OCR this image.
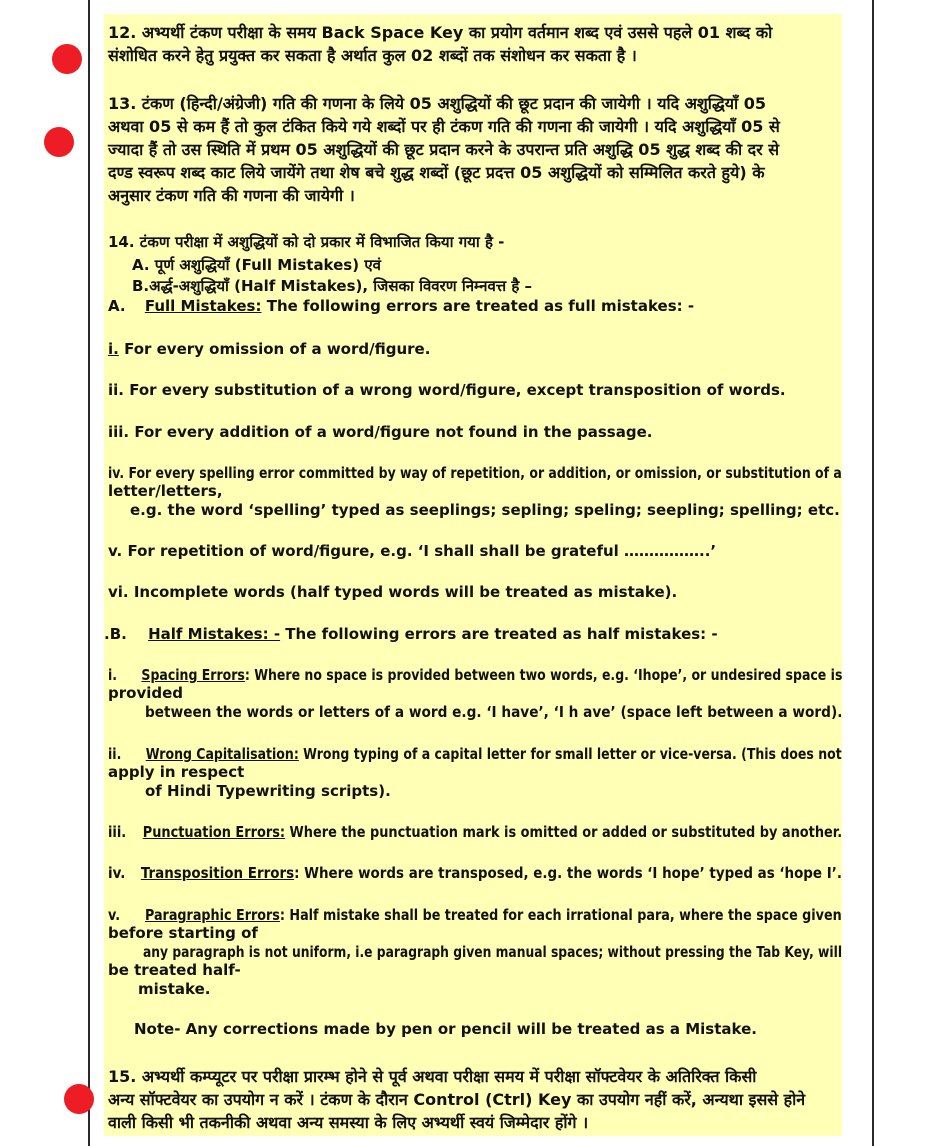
12. अभ्यर्थी टंकण परीक्षा के समय Back Space Key का प्रयोग वर्तमान शब्द एवं उससे पहले 01 शब्द को
संशोधित करने हेतु प्रयुक्त कर सकता है अर्थात कुल 02 शब्दों तक संशोधन कर सकता है ।
13. टंकण (हिन्दी/अंग्रेजी) गति की गणना के लिये 05 अशुद्धियों की छूट प्रदान की जायेगी । यदि अशुद्धियाँ 05
अथवा 05 से कम हैं तो कुल टंकित किये गये शब्दों पर ही टंकण गति की गणना की जायेगी । यदि अशुद्धियाँ 05 से
ज्यादा हैं तो उस स्थिति में प्रथम 05 अशुद्धियों की छूट प्रदान करने के उपरान्त प्रति अशुद्धि 05 शुद्ध शब्द की दर से
दण्ड स्वरूप शब्द काट लिये जायेंगे तथा शेष बचे शुद्ध शब्दों (छूट प्रदत्त 05 अशुद्धियों को सम्मिलित करते हुये) के
अनुसार टंकण गति की गणना की जायेगी ।
14. टंकण परीक्षा में अशुद्धियों को दो प्रकार में विभाजित किया गया है -
A. पूर्ण अशुद्धियाँ (Full Mistakes) एवं
B.अर्द्ध-अशुद्धियाँ (Half Mistakes), जिसका विवरण निम्नवत्त है –
A. Full Mistakes: The following errors are treated as full mistakes: -
i. For every omission of a word/figure.
ii. For every substitution of a wrong word/figure, except transposition of words.
iii. For every addition of a word/figure not found in the passage.
iv. For every spelling error committed by way of repetition, or addition, or omission, or substitution of a
letter/letters,
e.g. the word ‘spelling’ typed as seeplings; sepling; speling; seepling; spelling; etc.
v. For repetition of word/figure, e.g. ‘I shall shall be grateful ……………..’
vi. Incomplete words (half typed words will be treated as mistake).
.B. Half Mistakes: - The following errors are treated as half mistakes: -
i. Spacing Errors: Where no space is provided between two words, e.g. ‘Ihope’, or undesired space is
provided
between the words or letters of a word e.g. ‘I have’, ‘I h ave’ (space left between a word).
ii. Wrong Capitalisation: Wrong typing of a capital letter for small letter or vice-versa. (This does not
apply in respect
of Hindi Typewriting scripts).
iii. Punctuation Errors: Where the punctuation mark is omitted or added or substituted by another.
iv. Transposition Errors: Where words are transposed, e.g. the words ‘I hope’ typed as ‘hope I’.
v. Paragraphic Errors: Half mistake shall be treated for each irrational para, where the space given
before starting of
any paragraph is not uniform, i.e paragraph given manual spaces; without pressing the Tab Key, will
be treated half-
mistake.
Note- Any corrections made by pen or pencil will be treated as a Mistake.
15. अभ्यर्थी कम्प्यूटर पर परीक्षा प्रारम्भ होने से पूर्व अथवा परीक्षा समय में परीक्षा सॉफ्टवेयर के अतिरिक्त किसी
अन्य सॉफ्टवेयर का उपयोग न करें । टंकण के दौरान Control (Ctrl) Key का उपयोग नहीं करें, अन्यथा इससे होने
वाली किसी भी तकनीकी अथवा अन्य समस्या के लिए अभ्यर्थी स्वयं जिम्मेदार होंगे ।
